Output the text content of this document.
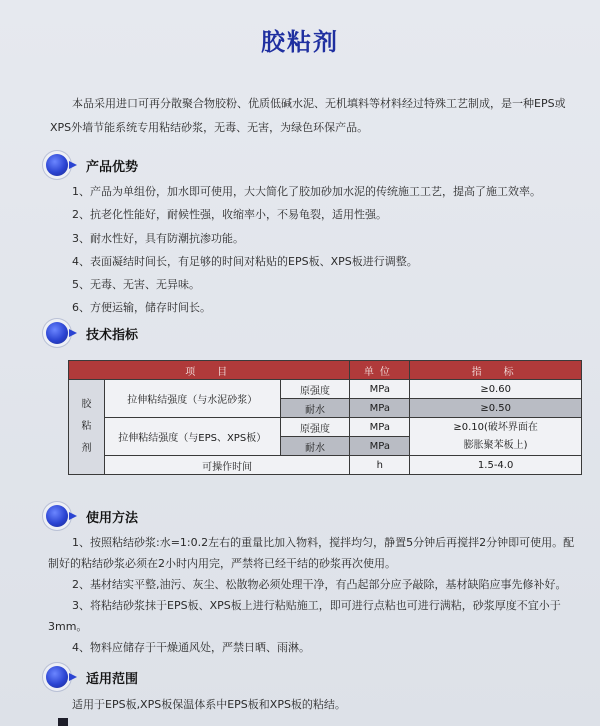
胶粘剂
本品采用进口可再分散聚合物胶粉、优质低碱水泥、无机填料等材料经过特殊工艺制成，是一种EPS或XPS外墙节能系统专用粘结砂浆，无毒、无害，为绿色环保产品。
产品优势
1、产品为单组份，加水即可使用，大大简化了胶加砂加水泥的传统施工工艺，提高了施工效率。
2、抗老化性能好，耐候性强，收缩率小，不易龟裂，适用性强。
3、耐水性好，具有防潮抗渗功能。
4、表面凝结时间长，有足够的时间对粘贴的EPS板、XPS板进行调整。
5、无毒、无害、无异味。
6、方便运输，储存时间长。
技术指标
项　目			单位	指　标

胶
粘
剂	拉伸粘结强度（与水泥砂浆）	原强度	MPa	≥0.60
		耐水	MPa	≥0.50
	拉伸粘结强度（与EPS、XPS板）	原强度	MPa	≥0.10(破坏界面在
膨胀聚苯板上)

		耐水	MPa	
	可操作时间		h	1.5-4.0
使用方法
1、按照粘结砂浆:水=1:0.2左右的重量比加入物料，搅拌均匀，静置5分钟后再搅拌2分钟即可使用。配制好的粘结砂浆必须在2小时内用完，严禁将已经干结的砂浆再次使用。
2、基材结实平整,油污、灰尘、松散物必须处理干净，有凸起部分应予敲除，基材缺陷应事先修补好。
3、将粘结砂浆抹于EPS板、XPS板上进行粘贴施工，即可进行点粘也可进行满粘，砂浆厚度不宜小于3mm。
4、物料应储存于干燥通风处，严禁日晒、雨淋。
适用范围
适用于EPS板,XPS板保温体系中EPS板和XPS板的粘结。
